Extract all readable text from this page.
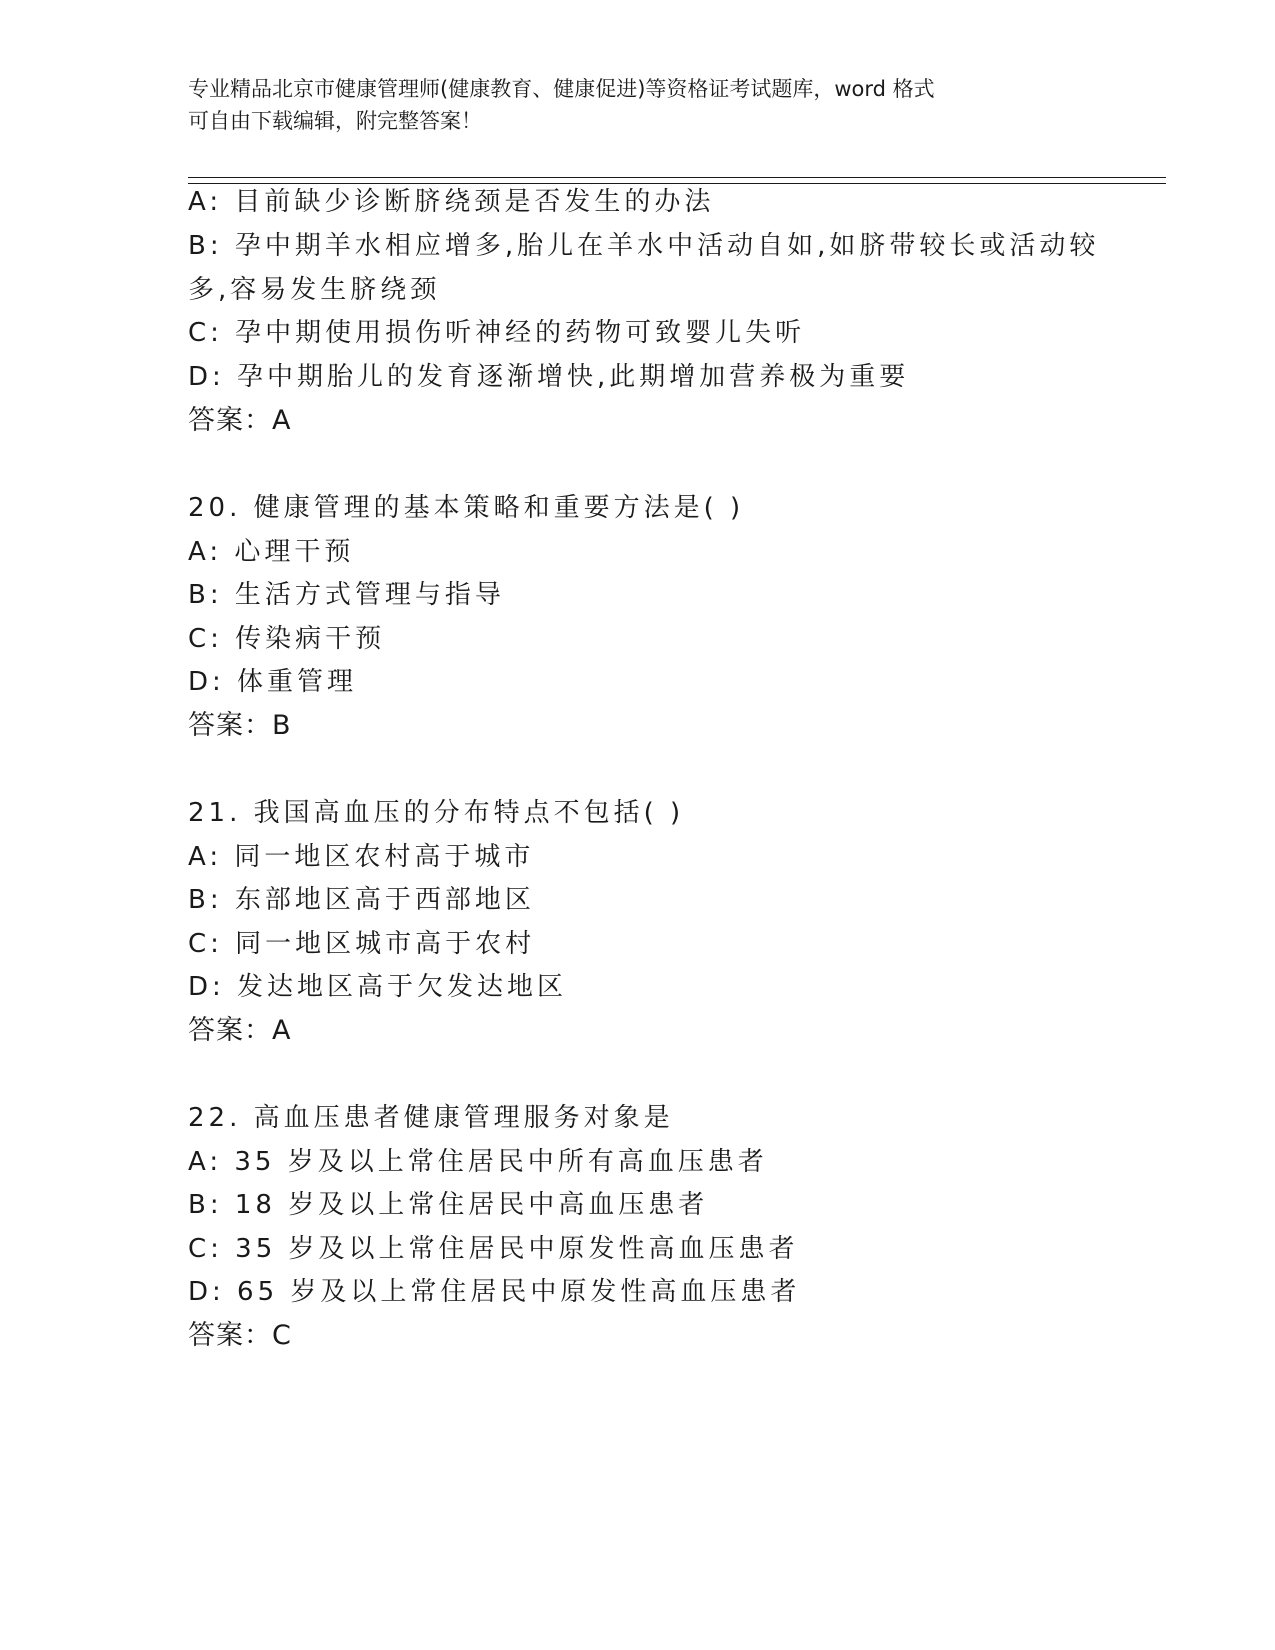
专业精品北京市健康管理师(健康教育、健康促进)等资格证考试题库，word 格式
可自由下载编辑，附完整答案！
A: 目前缺少诊断脐绕颈是否发生的办法
B: 孕中期羊水相应增多,胎儿在羊水中活动自如,如脐带较长或活动较
多,容易发生脐绕颈
C: 孕中期使用损伤听神经的药物可致婴儿失听
D: 孕中期胎儿的发育逐渐增快,此期增加营养极为重要
答案：A
20. 健康管理的基本策略和重要方法是( )
A: 心理干预
B: 生活方式管理与指导
C: 传染病干预
D: 体重管理
答案：B
21. 我国高血压的分布特点不包括( )
A: 同一地区农村高于城市
B: 东部地区高于西部地区
C: 同一地区城市高于农村
D: 发达地区高于欠发达地区
答案：A
22. 高血压患者健康管理服务对象是
A: 35 岁及以上常住居民中所有高血压患者
B: 18 岁及以上常住居民中高血压患者
C: 35 岁及以上常住居民中原发性高血压患者
D: 65 岁及以上常住居民中原发性高血压患者
答案：C
